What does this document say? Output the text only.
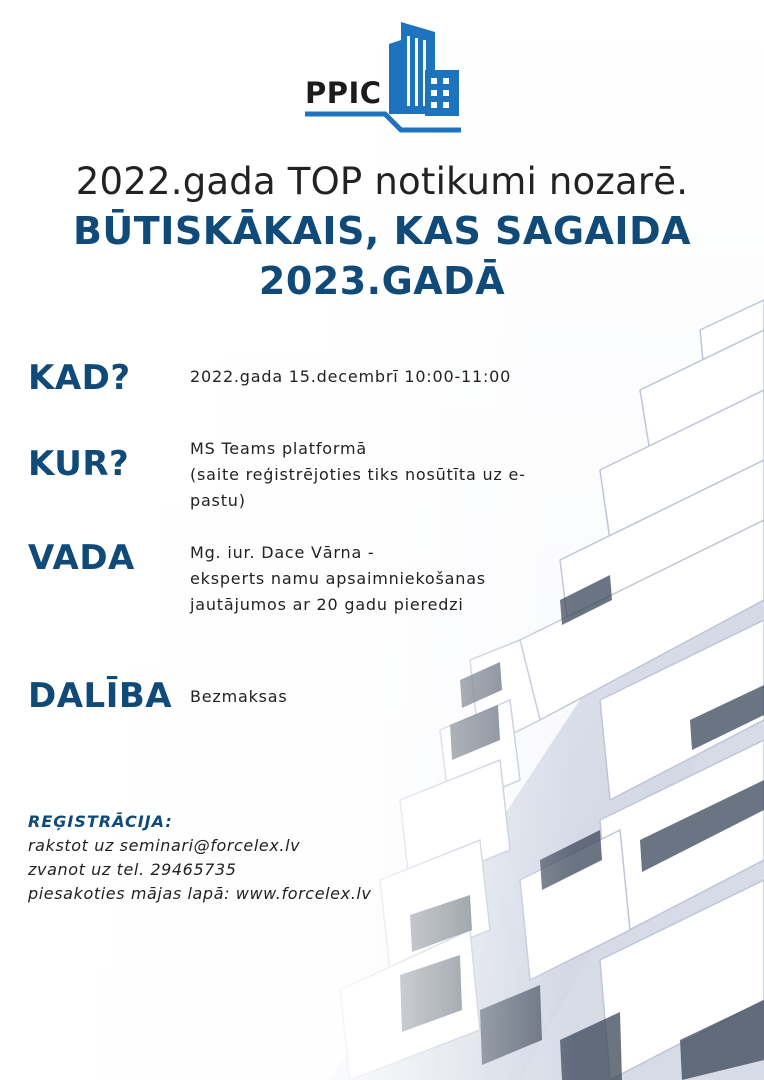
PPIC
2022.gada TOP notikumi nozarē.
BŪTISKĀKAIS, KAS SAGAIDA
2023.GADĀ
KAD?	2022.gada 15.decembrī 10:00-11:00
KUR?	MS Teams platformā
(saite reģistrējoties tiks nosūtīta uz e-pastu)
VADA	Mg. iur. Dace Vārna -
eksperts namu apsaimniekošanas jautājumos ar 20 gadu pieredzi
DALĪBA Bezmaksas
REĢISTRĀCIJA:
rakstot uz seminari@forcelex.lv
zvanot uz tel. 29465735
piesakoties mājas lapā: www.forcelex.lv
